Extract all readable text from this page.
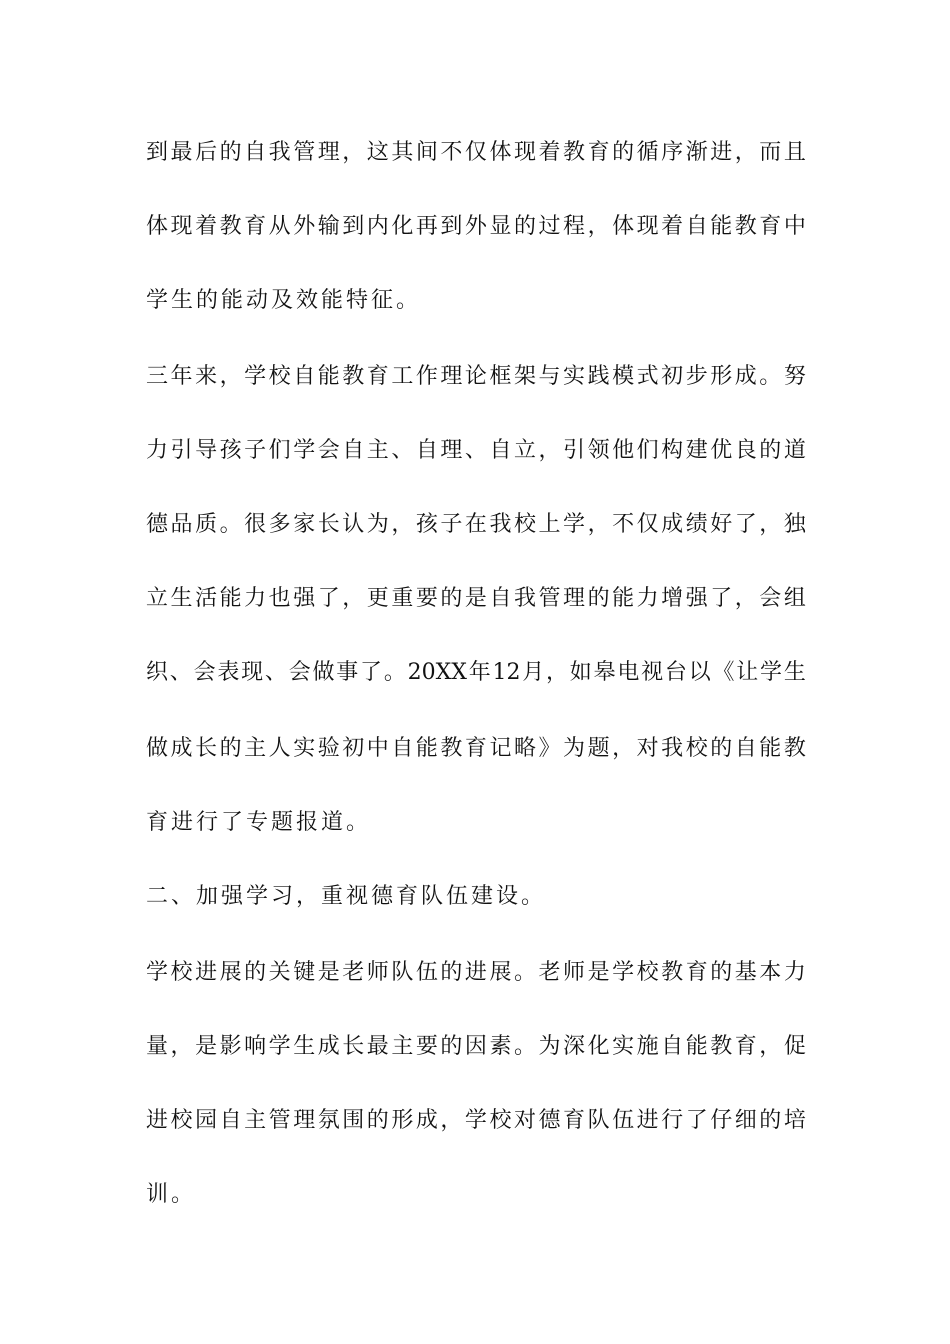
到 最 后 的 自 我 管 理 ， 这 其 间 不 仅 体 现 着 教 育 的 循 序 渐 进 ， 而 且
体 现 着 教 育 从 外 输 到 内 化 再 到 外 显 的 过 程 ， 体 现 着 自 能 教 育 中
学生的能动及效能特征。
三 年 来 ， 学 校 自 能 教 育 工 作 理 论 框 架 与 实 践 模 式 初 步 形 成 。 努
力 引 导 孩 子 们 学 会 自 主 、 自 理 、 自 立 ， 引 领 他 们 构 建 优 良 的 道
德 品 质 。 很 多 家 长 认 为 ， 孩 子 在 我 校 上 学 ， 不 仅 成 绩 好 了 ， 独
立 生 活 能 力 也 强 了 ， 更 重 要 的 是 自 我 管 理 的 能 力 增 强 了 ， 会 组
织 、 会 表 现 、 会 做 事 了 。 20XX 年 12 月 ， 如 皋 电 视 台 以 《 让 学 生
做 成 长 的 主 人 实 验 初 中 自 能 教 育 记 略 》 为 题 ， 对 我 校 的 自 能 教
育进行了专题报道。
二、加强学习，重视德育队伍建设。
学 校 进 展 的 关 键 是 老 师 队 伍 的 进 展 。 老 师 是 学 校 教 育 的 基 本 力
量 ， 是 影 响 学 生 成 长 最 主 要 的 因 素 。 为 深 化 实 施 自 能 教 育 ， 促
进 校 园 自 主 管 理 氛 围 的 形 成 ， 学 校 对 德 育 队 伍 进 行 了 仔 细 的 培
训。
